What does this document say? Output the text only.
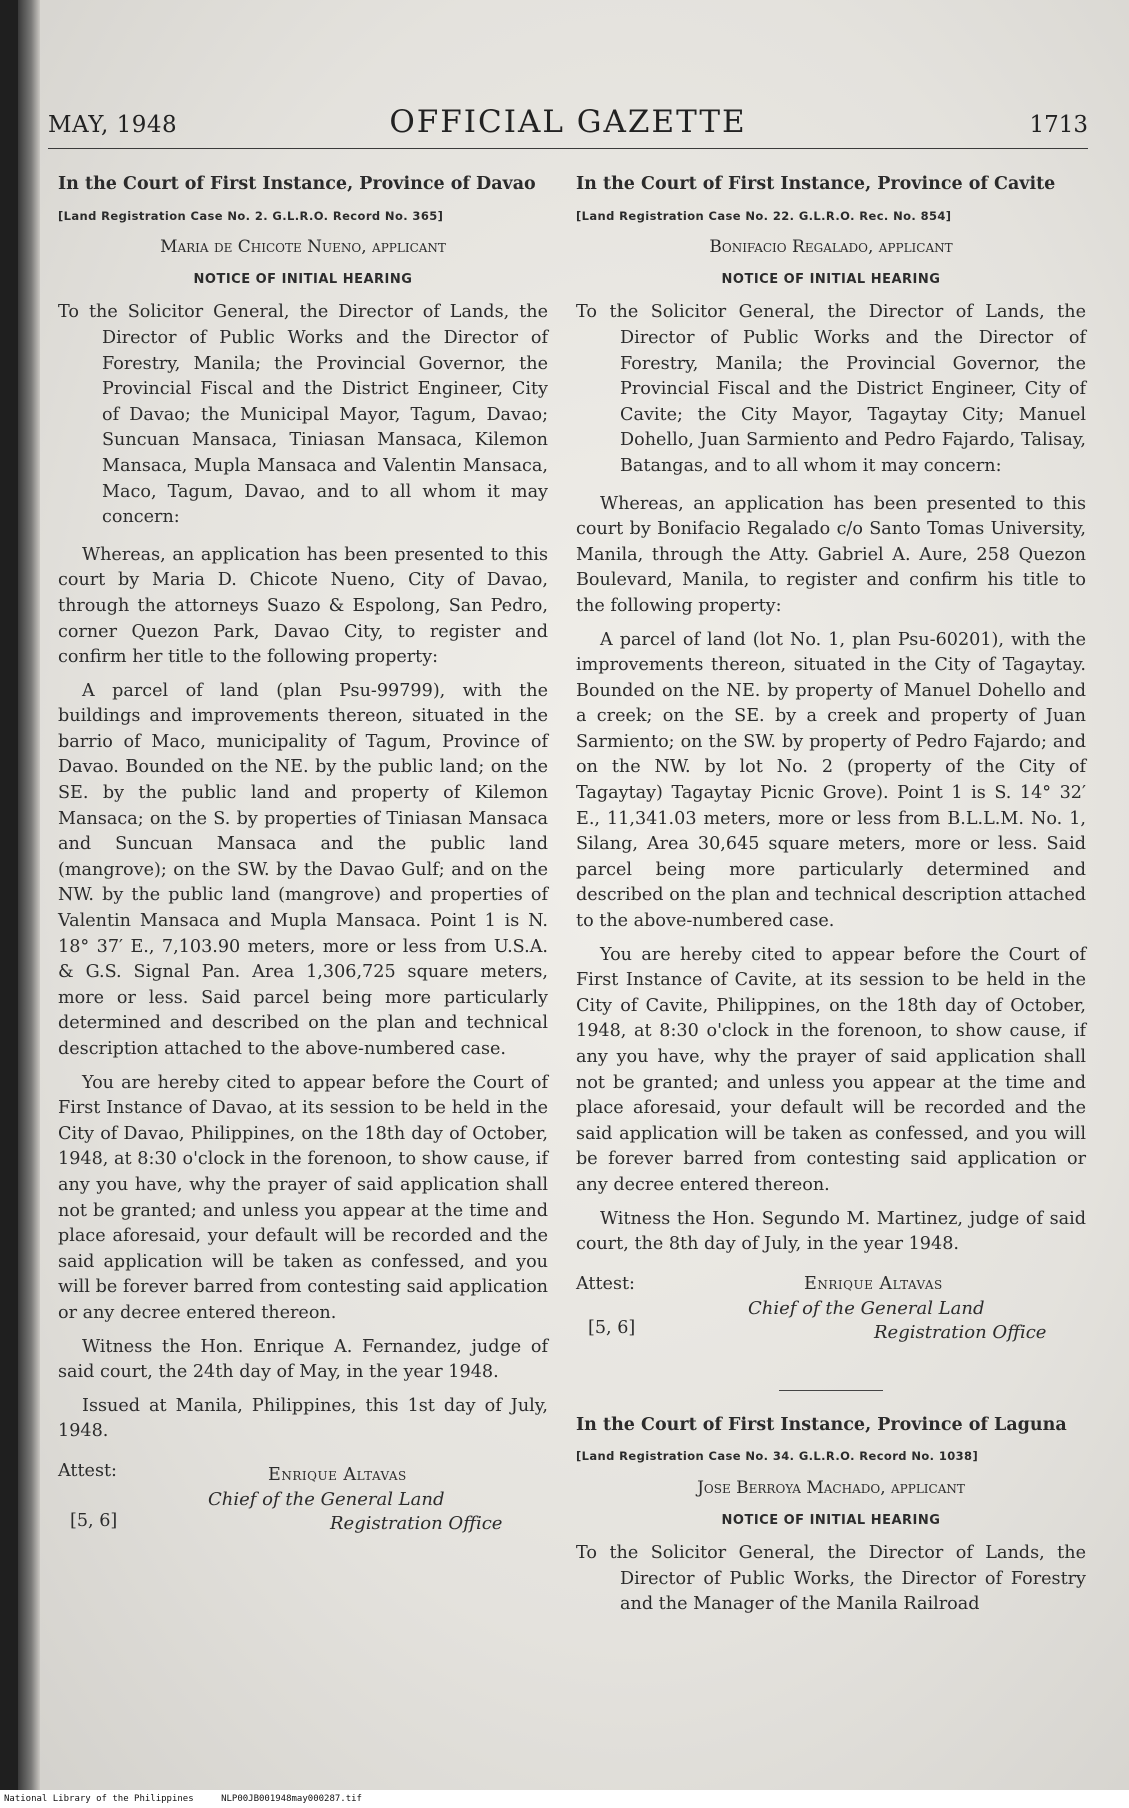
MAY, 1948	OFFICIAL GAZETTE	1713

In the Court of First Instance, Province of Davao

[Land Registration Case No. 2. G.L.R.O. Record No. 365]

Maria de Chicote Nueno, applicant

NOTICE OF INITIAL HEARING

To the Solicitor General, the Director of Lands, the Director of Public Works and the Director of Forestry, Manila; the Provincial Governor, the Provincial Fiscal and the District Engineer, City of Davao; the Municipal Mayor, Tagum, Davao; Suncuan Mansaca, Tiniasan Mansaca, Kilemon Mansaca, Mupla Mansaca and Valentin Mansaca, Maco, Tagum, Davao, and to all whom it may concern:

Whereas, an application has been presented to this court by Maria D. Chicote Nueno, City of Davao, through the attorneys Suazo & Espolong, San Pedro, corner Quezon Park, Davao City, to register and confirm her title to the following property:

A parcel of land (plan Psu-99799), with the buildings and improvements thereon, situated in the barrio of Maco, municipality of Tagum, Province of Davao. Bounded on the NE. by the public land; on the SE. by the public land and property of Kilemon Mansaca; on the S. by properties of Tiniasan Mansaca and Suncuan Mansaca and the public land (mangrove); on the SW. by the Davao Gulf; and on the NW. by the public land (mangrove) and properties of Valentin Mansaca and Mupla Mansaca. Point 1 is N. 18° 37′ E., 7,103.90 meters, more or less from U.S.A. & G.S. Signal Pan. Area 1,306,725 square meters, more or less. Said parcel being more particularly determined and described on the plan and technical description attached to the above-numbered case.

You are hereby cited to appear before the Court of First Instance of Davao, at its session to be held in the City of Davao, Philippines, on the 18th day of October, 1948, at 8:30 o'clock in the forenoon, to show cause, if any you have, why the prayer of said application shall not be granted; and unless you appear at the time and place aforesaid, your default will be recorded and the said application will be taken as confessed, and you will be forever barred from contesting said application or any decree entered thereon.

Witness the Hon. Enrique A. Fernandez, judge of said court, the 24th day of May, in the year 1948.

Issued at Manila, Philippines, this 1st day of July, 1948.

Attest:	Enrique Altavas
Chief of the General Land
Registration Office
[5, 6]

In the Court of First Instance, Province of Cavite

[Land Registration Case No. 22. G.L.R.O. Rec. No. 854]

Bonifacio Regalado, applicant

NOTICE OF INITIAL HEARING

To the Solicitor General, the Director of Lands, the Director of Public Works and the Director of Forestry, Manila; the Provincial Governor, the Provincial Fiscal and the District Engineer, City of Cavite; the City Mayor, Tagaytay City; Manuel Dohello, Juan Sarmiento and Pedro Fajardo, Talisay, Batangas, and to all whom it may concern:

Whereas, an application has been presented to this court by Bonifacio Regalado c/o Santo Tomas University, Manila, through the Atty. Gabriel A. Aure, 258 Quezon Boulevard, Manila, to register and confirm his title to the following property:

A parcel of land (lot No. 1, plan Psu-60201), with the improvements thereon, situated in the City of Tagaytay. Bounded on the NE. by property of Manuel Dohello and a creek; on the SE. by a creek and property of Juan Sarmiento; on the SW. by property of Pedro Fajardo; and on the NW. by lot No. 2 (property of the City of Tagaytay) Tagaytay Picnic Grove). Point 1 is S. 14° 32′ E., 11,341.03 meters, more or less from B.L.L.M. No. 1, Silang, Area 30,645 square meters, more or less. Said parcel being more particularly determined and described on the plan and technical description attached to the above-numbered case.

You are hereby cited to appear before the Court of First Instance of Cavite, at its session to be held in the City of Cavite, Philippines, on the 18th day of October, 1948, at 8:30 o'clock in the forenoon, to show cause, if any you have, why the prayer of said application shall not be granted; and unless you appear at the time and place aforesaid, your default will be recorded and the said application will be taken as confessed, and you will be forever barred from contesting said application or any decree entered thereon.

Witness the Hon. Segundo M. Martinez, judge of said court, the 8th day of July, in the year 1948.

Attest:	Enrique Altavas
Chief of the General Land
Registration Office
[5, 6]

In the Court of First Instance, Province of Laguna

[Land Registration Case No. 34. G.L.R.O. Record No. 1038]

Jose Berroya Machado, applicant

NOTICE OF INITIAL HEARING

To the Solicitor General, the Director of Lands, the Director of Public Works, the Director of Forestry and the Manager of the Manila Railroad

National Library of the Philippines	NLP00JB001948may000287.tif
